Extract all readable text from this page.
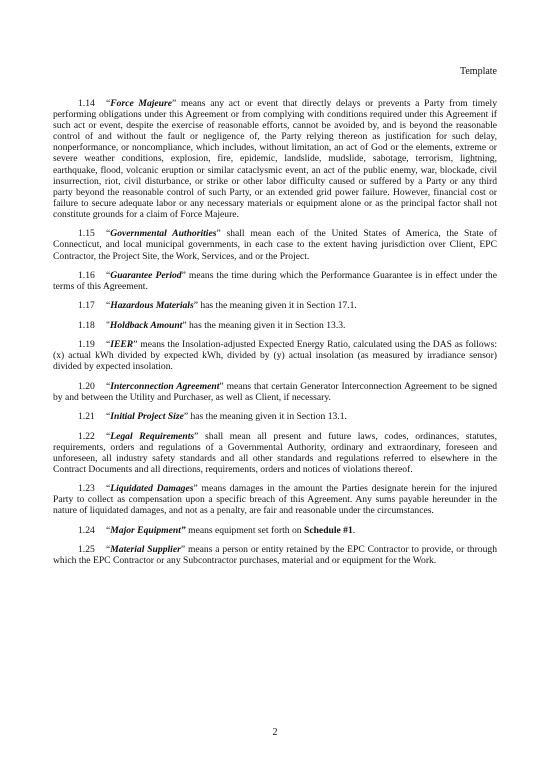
Template

1.14 “Force Majeure” means any act or event that directly delays or prevents a Party from timely performing obligations under this Agreement or from complying with conditions required under this Agreement if such act or event, despite the exercise of reasonable efforts, cannot be avoided by, and is beyond the reasonable control of and without the fault or negligence of, the Party relying thereon as justification for such delay, nonperformance, or noncompliance, which includes, without limitation, an act of God or the elements, extreme or severe weather conditions, explosion, fire, epidemic, landslide, mudslide, sabotage, terrorism, lightning, earthquake, flood, volcanic eruption or similar cataclysmic event, an act of the public enemy, war, blockade, civil insurrection, riot, civil disturbance, or strike or other labor difficulty caused or suffered by a Party or any third party beyond the reasonable control of such Party, or an extended grid power failure. However, financial cost or failure to secure adequate labor or any necessary materials or equipment alone or as the principal factor shall not constitute grounds for a claim of Force Majeure.

1.15 “Governmental Authorities” shall mean each of the United States of America, the State of Connecticut, and local municipal governments, in each case to the extent having jurisdiction over Client, EPC Contractor, the Project Site, the Work, Services, and or the Project.

1.16 “Guarantee Period” means the time during which the Performance Guarantee is in effect under the terms of this Agreement.

1.17 “Hazardous Materials” has the meaning given it in Section 17.1.

1.18 "Holdback Amount” has the meaning given it in Section 13.3.

1.19 “IEER” means the Insolation-adjusted Expected Energy Ratio, calculated using the DAS as follows: (x) actual kWh divided by expected kWh, divided by (y) actual insolation (as measured by irradiance sensor) divided by expected insolation.

1.20 “Interconnection Agreement” means that certain Generator Interconnection Agreement to be signed by and between the Utility and Purchaser, as well as Client, if necessary.

1.21 “Initial Project Size” has the meaning given it in Section 13.1.

1.22 “Legal Requirements” shall mean all present and future laws, codes, ordinances, statutes, requirements, orders and regulations of a Governmental Authority, ordinary and extraordinary, foreseen and unforeseen, all industry safety standards and all other standards and regulations referred to elsewhere in the Contract Documents and all directions, requirements, orders and notices of violations thereof.

1.23 “Liquidated Damages” means damages in the amount the Parties designate herein for the injured Party to collect as compensation upon a specific breach of this Agreement. Any sums payable hereunder in the nature of liquidated damages, and not as a penalty, are fair and reasonable under the circumstances.

1.24 “Major Equipment” means equipment set forth on Schedule #1.

1.25 “Material Supplier” means a person or entity retained by the EPC Contractor to provide, or through which the EPC Contractor or any Subcontractor purchases, material and or equipment for the Work.

2
